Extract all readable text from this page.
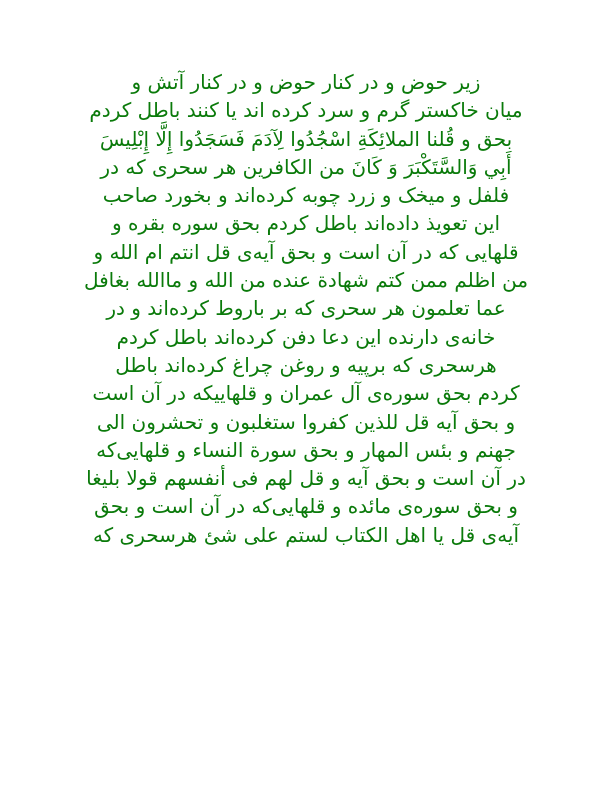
زیر حوض و در کنار حوض و در کنار آتش و
میان خاکستر گرم و سرد کرده اند یا کنند باطل کردم
بحق و قُلنا الملائِکَةِ اسْجُدُوا لِآدَمَ فَسَجَدُوا إِلَّا إِبْلِیسَ
أَبِي وَالسَّتَکْبَرَ وَ کَانَ من الکافرین هر سحری که در
فلفل و میخک و زرد چوبه کرده‌اند و بخورد صاحب
این تعویذ داده‌اند باطل کردم بحق سوره بقره و
قلهایی که در آن است و بحق آیه‌ی قل انتم ام الله و
من اظلم ممن کتم شهادة عنده من الله و ماالله بغافل
عما تعلمون هر سحری که بر باروط کرده‌اند و در
خانه‌ی دارنده این دعا دفن کرده‌اند باطل کردم
هرسحری که برپیه و روغن چراغ کرده‌اند باطل
کردم بحق سوره‌ی آل عمران و قلهاییکه در آن است
و بحق آیه قل للذین کفروا ستغلبون و تحشرون الی
جهنم و بئس المهار و بحق سورة النساء و قلهایی‌که
در آن است و بحق آیه و قل لهم فی أنفسهم قولا بلیغا
و بحق سوره‌ی مائده و قلهایی‌که در آن است و بحق
آیه‌ی قل یا اهل الکتاب لستم علی شئ هرسحری که
